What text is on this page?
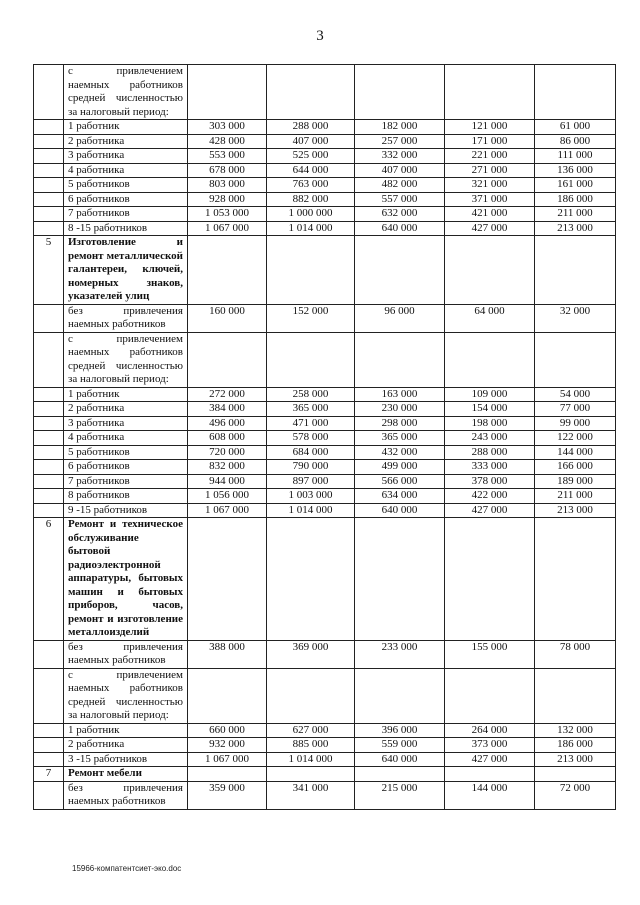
3
	с привлечением наемных работников средней численностью за налоговый период:					
	1 работник	303 000	288 000	182 000	121 000	61 000
	2 работника	428 000	407 000	257 000	171 000	86 000
	3 работника	553 000	525 000	332 000	221 000	111 000
	4 работника	678 000	644 000	407 000	271 000	136 000
	5 работников	803 000	763 000	482 000	321 000	161 000
	6 работников	928 000	882 000	557 000	371 000	186 000
	7 работников	1 053 000	1 000 000	632 000	421 000	211 000
	8 -15 работников	1 067 000	1 014 000	640 000	427 000	213 000
5	Изготовление и ремонт металлической галантереи, ключей, номерных знаков, указателей улиц					
	без привлечения наемных работников	160 000	152 000	96 000	64 000	32 000
	с привлечением наемных работников средней численностью за налоговый период:					
	1 работник	272 000	258 000	163 000	109 000	54 000
	2 работника	384 000	365 000	230 000	154 000	77 000
	3 работника	496 000	471 000	298 000	198 000	99 000
	4 работника	608 000	578 000	365 000	243 000	122 000
	5 работников	720 000	684 000	432 000	288 000	144 000
	6 работников	832 000	790 000	499 000	333 000	166 000
	7 работников	944 000	897 000	566 000	378 000	189 000
	8 работников	1 056 000	1 003 000	634 000	422 000	211 000
	9 -15 работников	1 067 000	1 014 000	640 000	427 000	213 000
6	Ремонт и техническое обслуживание бытовой радиоэлектронной аппаратуры, бытовых машин и бытовых приборов, часов, ремонт и изготовление металлоизделий					
	без привлечения наемных работников	388 000	369 000	233 000	155 000	78 000
	с привлечением наемных работников средней численностью за налоговый период:					
	1 работник	660 000	627 000	396 000	264 000	132 000
	2 работника	932 000	885 000	559 000	373 000	186 000
	3 -15 работников	1 067 000	1 014 000	640 000	427 000	213 000
7	Ремонт мебели					
	без привлечения наемных работников	359 000	341 000	215 000	144 000	72 000
15966-компатентсиет-эко.doc
